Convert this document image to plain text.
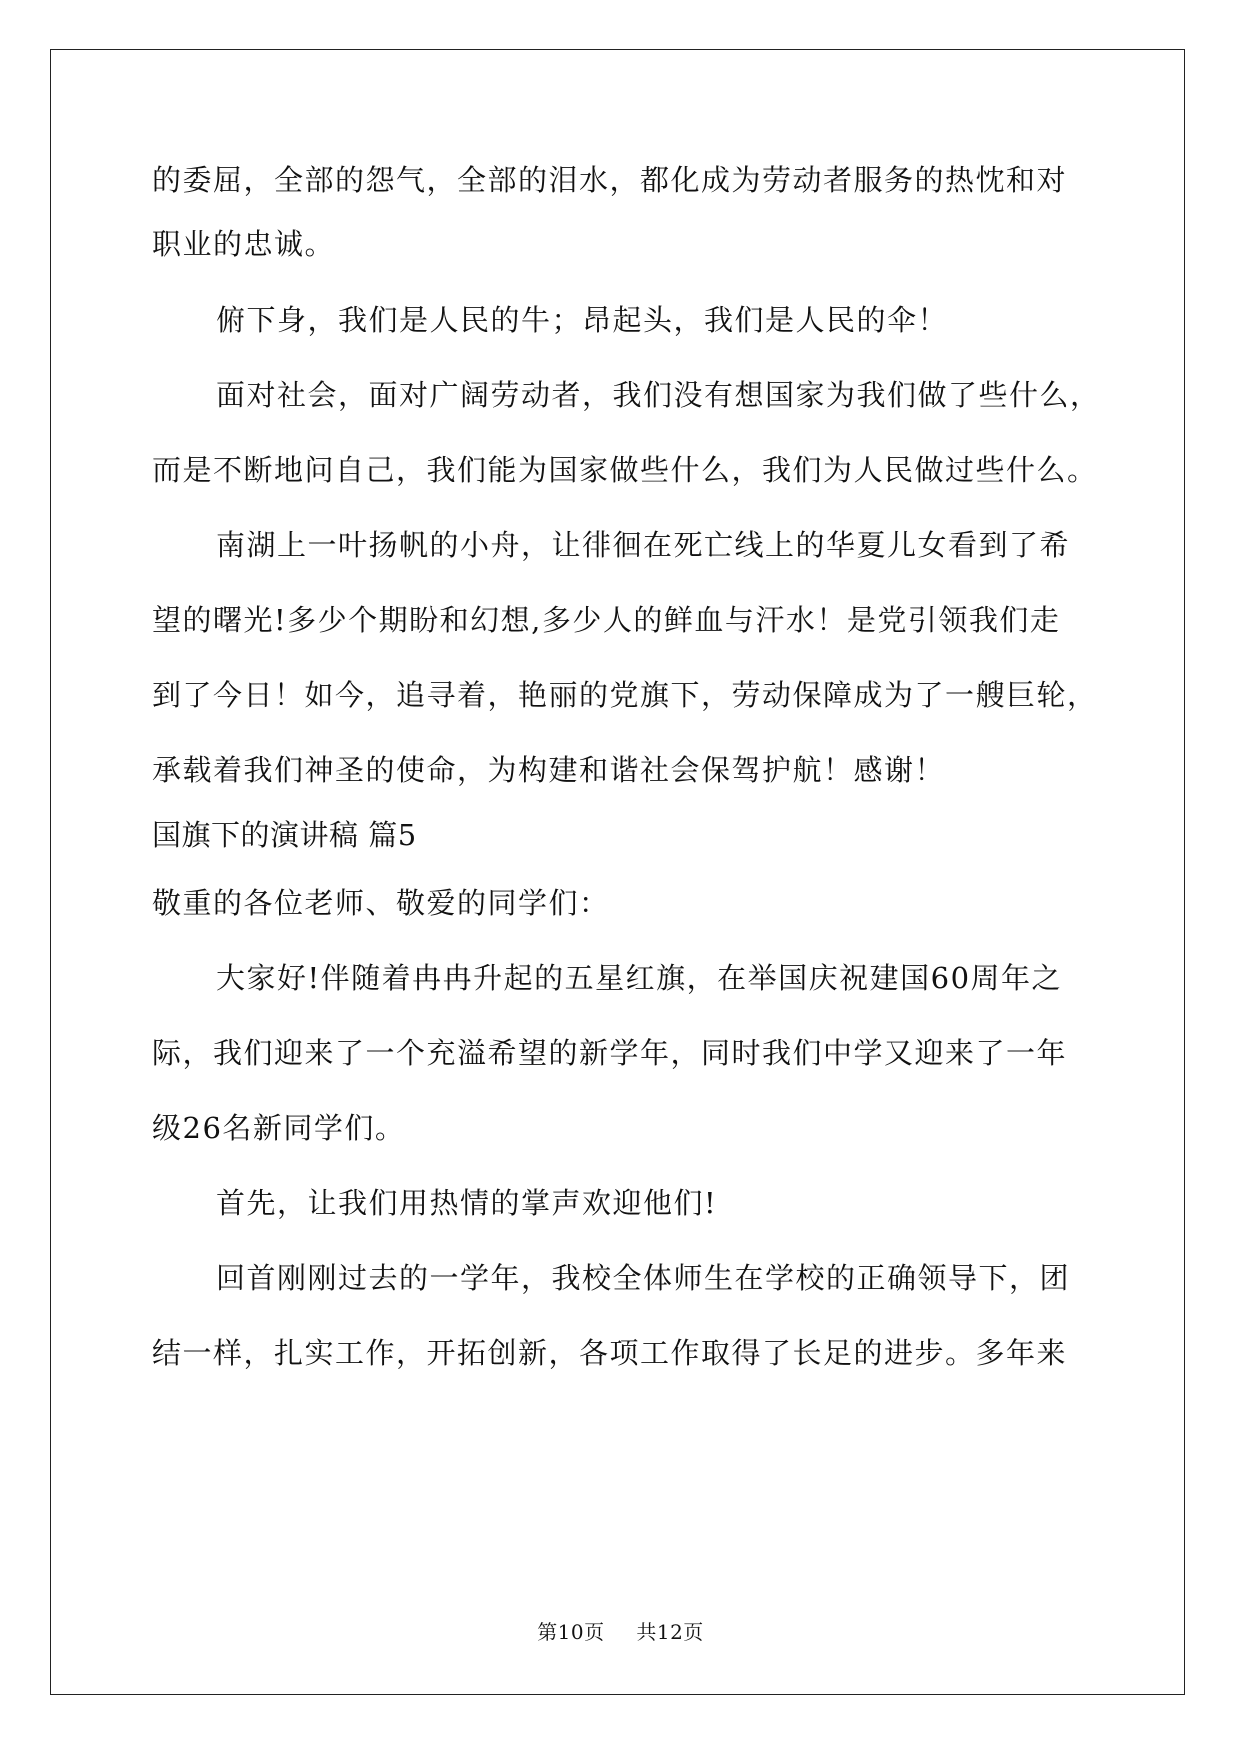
的委屈，全部的怨气，全部的泪水，都化成为劳动者服务的热忱和对
职业的忠诚。
俯下身，我们是人民的牛；昂起头，我们是人民的伞！
面对社会，面对广阔劳动者，我们没有想国家为我们做了些什么，
而是不断地问自己，我们能为国家做些什么，我们为人民做过些什么。
南湖上一叶扬帆的小舟，让徘徊在死亡线上的华夏儿女看到了希
望的曙光!多少个期盼和幻想,多少人的鲜血与汗水！是党引领我们走
到了今日！如今，追寻着，艳丽的党旗下，劳动保障成为了一艘巨轮，
承载着我们神圣的使命，为构建和谐社会保驾护航！感谢！
国旗下的演讲稿 篇5
敬重的各位老师、敬爱的同学们：
大家好!伴随着冉冉升起的五星红旗，在举国庆祝建国60周年之
际，我们迎来了一个充溢希望的新学年，同时我们中学又迎来了一年
级26名新同学们。
首先，让我们用热情的掌声欢迎他们!
回首刚刚过去的一学年，我校全体师生在学校的正确领导下，团
结一样，扎实工作，开拓创新，各项工作取得了长足的进步。多年来
第10页 共12页
